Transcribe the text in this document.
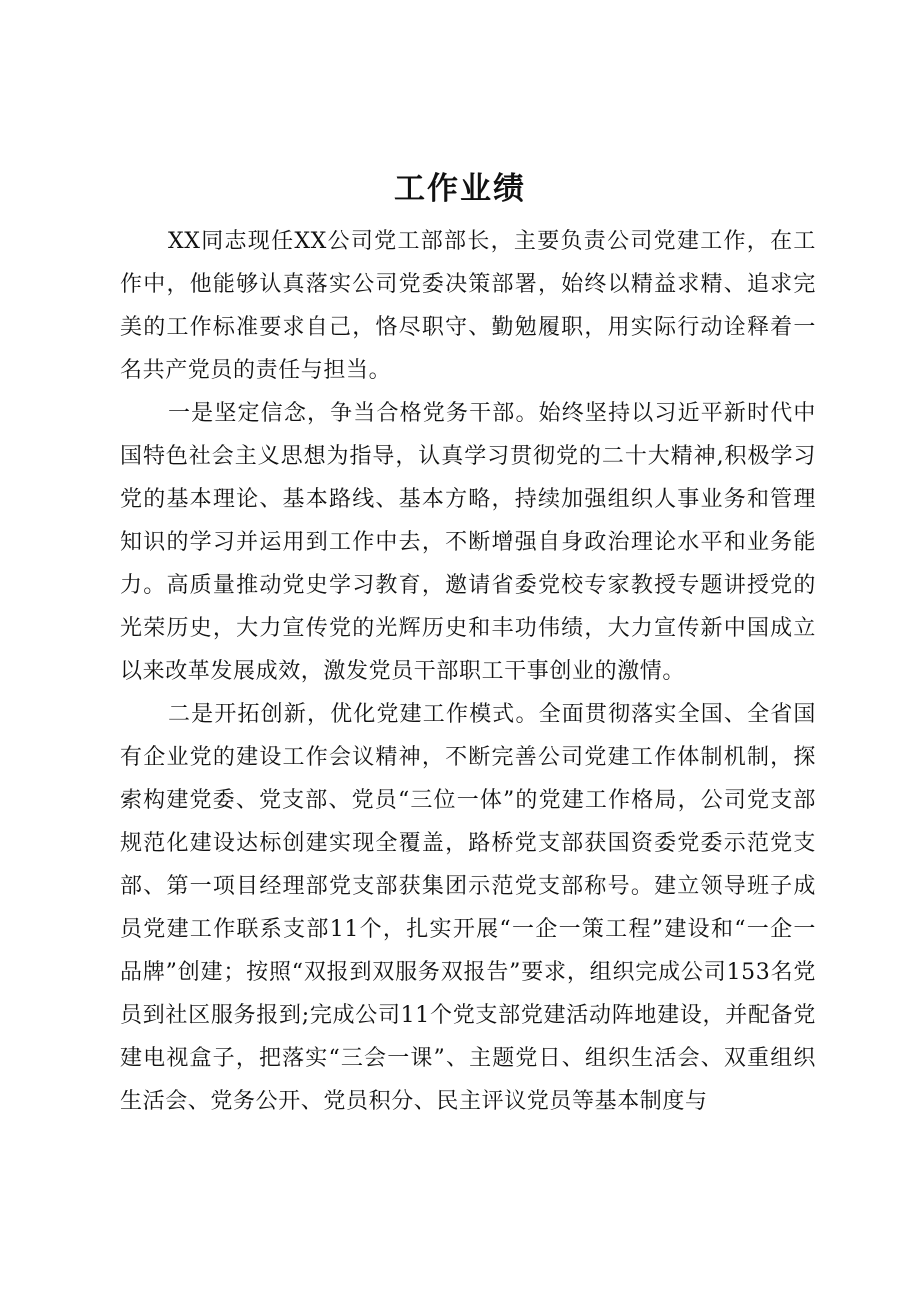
工作业绩

XX同志现任XX公司党工部部长，主要负责公司党建工作，在工作中，他能够认真落实公司党委决策部署，始终以精益求精、追求完美的工作标准要求自己，恪尽职守、勤勉履职，用实际行动诠释着一名共产党员的责任与担当。

一是坚定信念，争当合格党务干部。始终坚持以习近平新时代中国特色社会主义思想为指导，认真学习贯彻党的二十大精神,积极学习党的基本理论、基本路线、基本方略，持续加强组织人事业务和管理知识的学习并运用到工作中去，不断增强自身政治理论水平和业务能力。高质量推动党史学习教育，邀请省委党校专家教授专题讲授党的光荣历史，大力宣传党的光辉历史和丰功伟绩，大力宣传新中国成立以来改革发展成效，激发党员干部职工干事创业的激情。

二是开拓创新，优化党建工作模式。全面贯彻落实全国、全省国有企业党的建设工作会议精神，不断完善公司党建工作体制机制，探索构建党委、党支部、党员“三位一体”的党建工作格局，公司党支部规范化建设达标创建实现全覆盖，路桥党支部获国资委党委示范党支部、第一项目经理部党支部获集团示范党支部称号。建立领导班子成员党建工作联系支部11个，扎实开展“一企一策工程”建设和“一企一品牌”创建；按照“双报到双服务双报告”要求，组织完成公司153名党员到社区服务报到;完成公司11个党支部党建活动阵地建设，并配备党建电视盒子，把落实“三会一课”、主题党日、组织生活会、双重组织生活会、党务公开、党员积分、民主评议党员等基本制度与
